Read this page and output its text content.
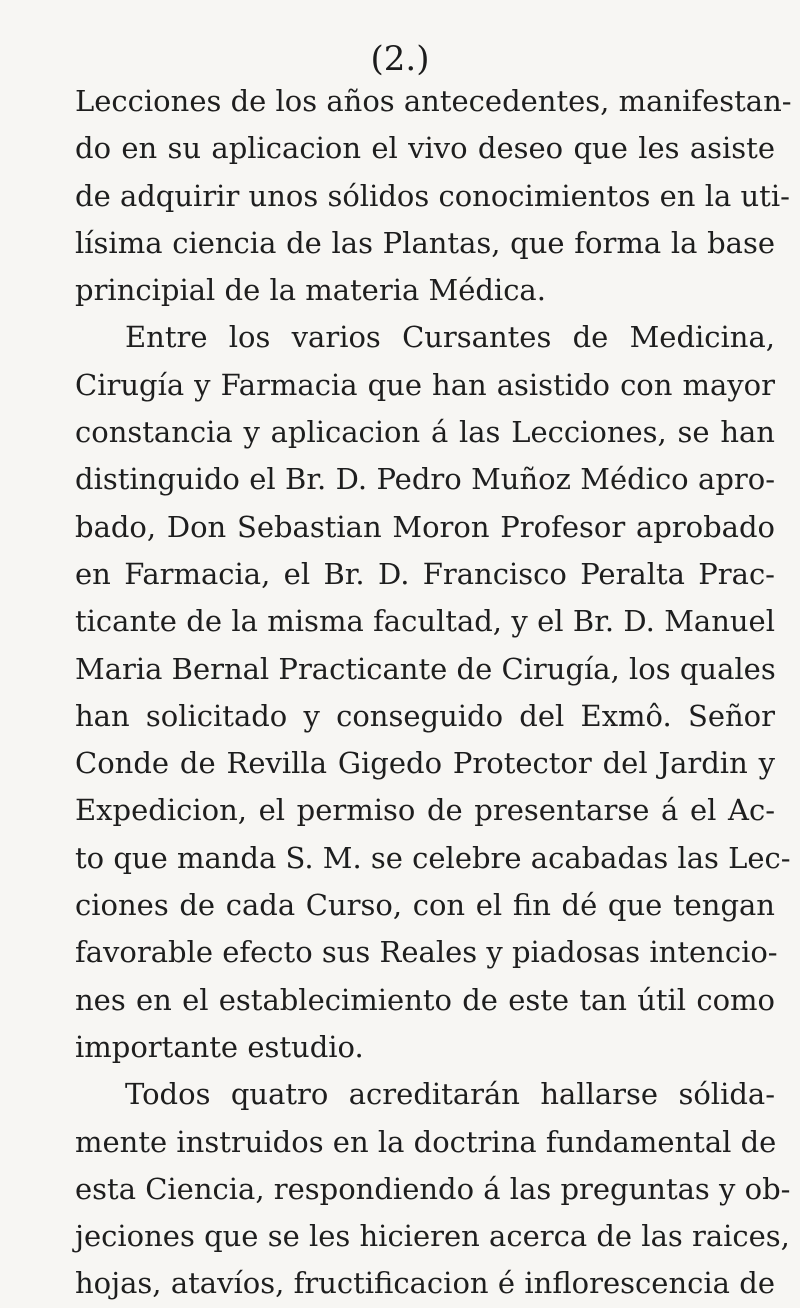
(2.)
Lecciones de los años antecedentes, manifestan-
do en su aplicacion el vivo deseo que les asiste
de adquirir unos sólidos conocimientos en la uti-
lísima ciencia de las Plantas, que forma la base
principial de la materia Médica.
Entre los varios Cursantes de Medicina,
Cirugía y Farmacia que han asistido con mayor
constancia y aplicacion á las Lecciones, se han
distinguido el Br. D. Pedro Muñoz Médico apro-
bado, Don Sebastian Moron Profesor aprobado
en Farmacia, el Br. D. Francisco Peralta Prac-
ticante de la misma facultad, y el Br. D. Manuel
Maria Bernal Practicante de Cirugía, los quales
han solicitado y conseguido del Exmô. Señor
Conde de Revilla Gigedo Protector del Jardin y
Expedicion, el permiso de presentarse á el Ac-
to que manda S. M. se celebre acabadas las Lec-
ciones de cada Curso, con el fin dé que tengan
favorable efecto sus Reales y piadosas intencio-
nes en el establecimiento de este tan útil como
importante estudio.
Todos quatro acreditarán hallarse sólida-
mente instruidos en la doctrina fundamental de
esta Ciencia, respondiendo á las preguntas y ob-
jeciones que se les hicieren acerca de las raices,
hojas, atavíos, fructificacion é inflorescencia de
